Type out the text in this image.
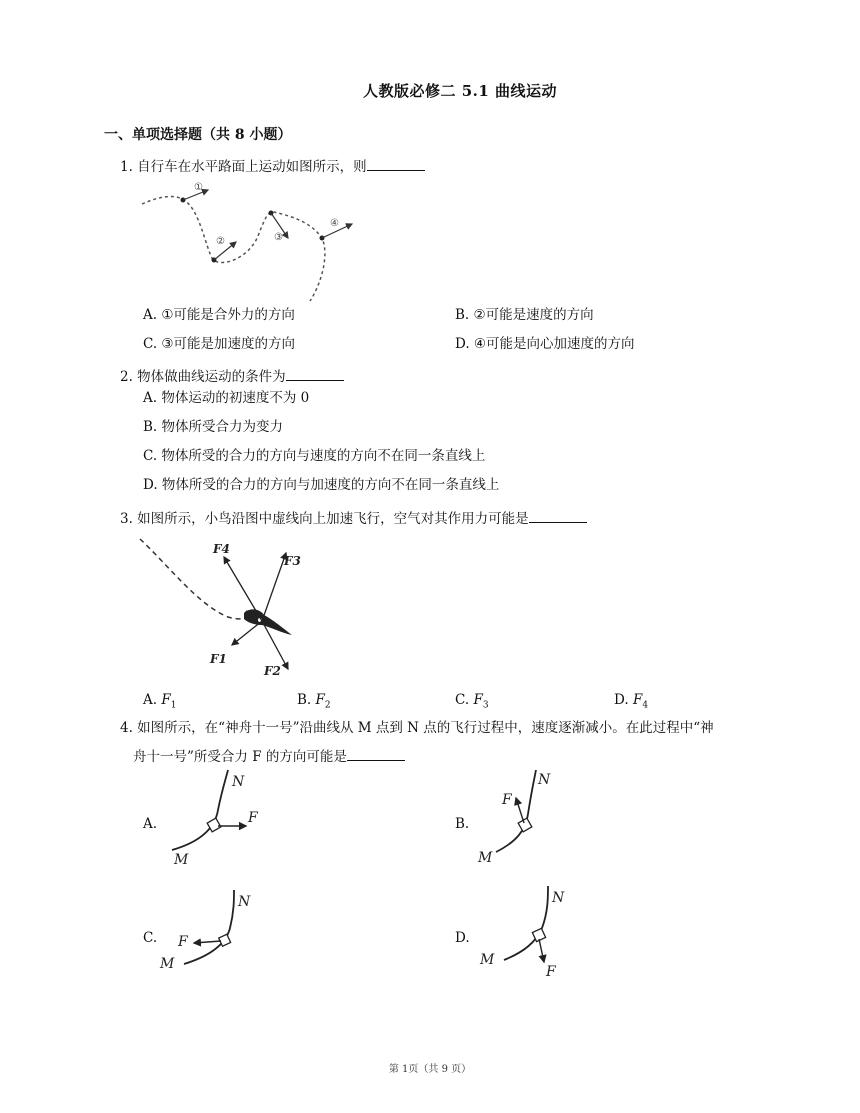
人教版必修二 5.1 曲线运动
一、单项选择题（共 8 小题）
1. 自行车在水平路面上运动如图所示，则
①
②	③
④
A. ①可能是合外力的方向	B. ②可能是速度的方向
C. ③可能是加速度的方向	D. ④可能是向心加速度的方向
2. 物体做曲线运动的条件为
A. 物体运动的初速度不为 0
B. 物体所受合力为变力
C. 物体所受的合力的方向与速度的方向不在同一条直线上
D. 物体所受的合力的方向与加速度的方向不在同一条直线上
3. 如图所示，小鸟沿图中虚线向上加速飞行，空气对其作用力可能是
F4
F3
F1
F2
A. $F_1$	B. $F_2$	C. $F_3$	D. $F_4$
4. 如图所示，在“神舟十一号”沿曲线从 M 点到 N 点的飞行过程中，速度逐渐减小。在此过程中“神
舟十一号”所受合力 F 的方向可能是
A.	B.
C.	D.
N
F
M
N
F
M
N
F
M
N
F
M
第 1页（共 9 页）
